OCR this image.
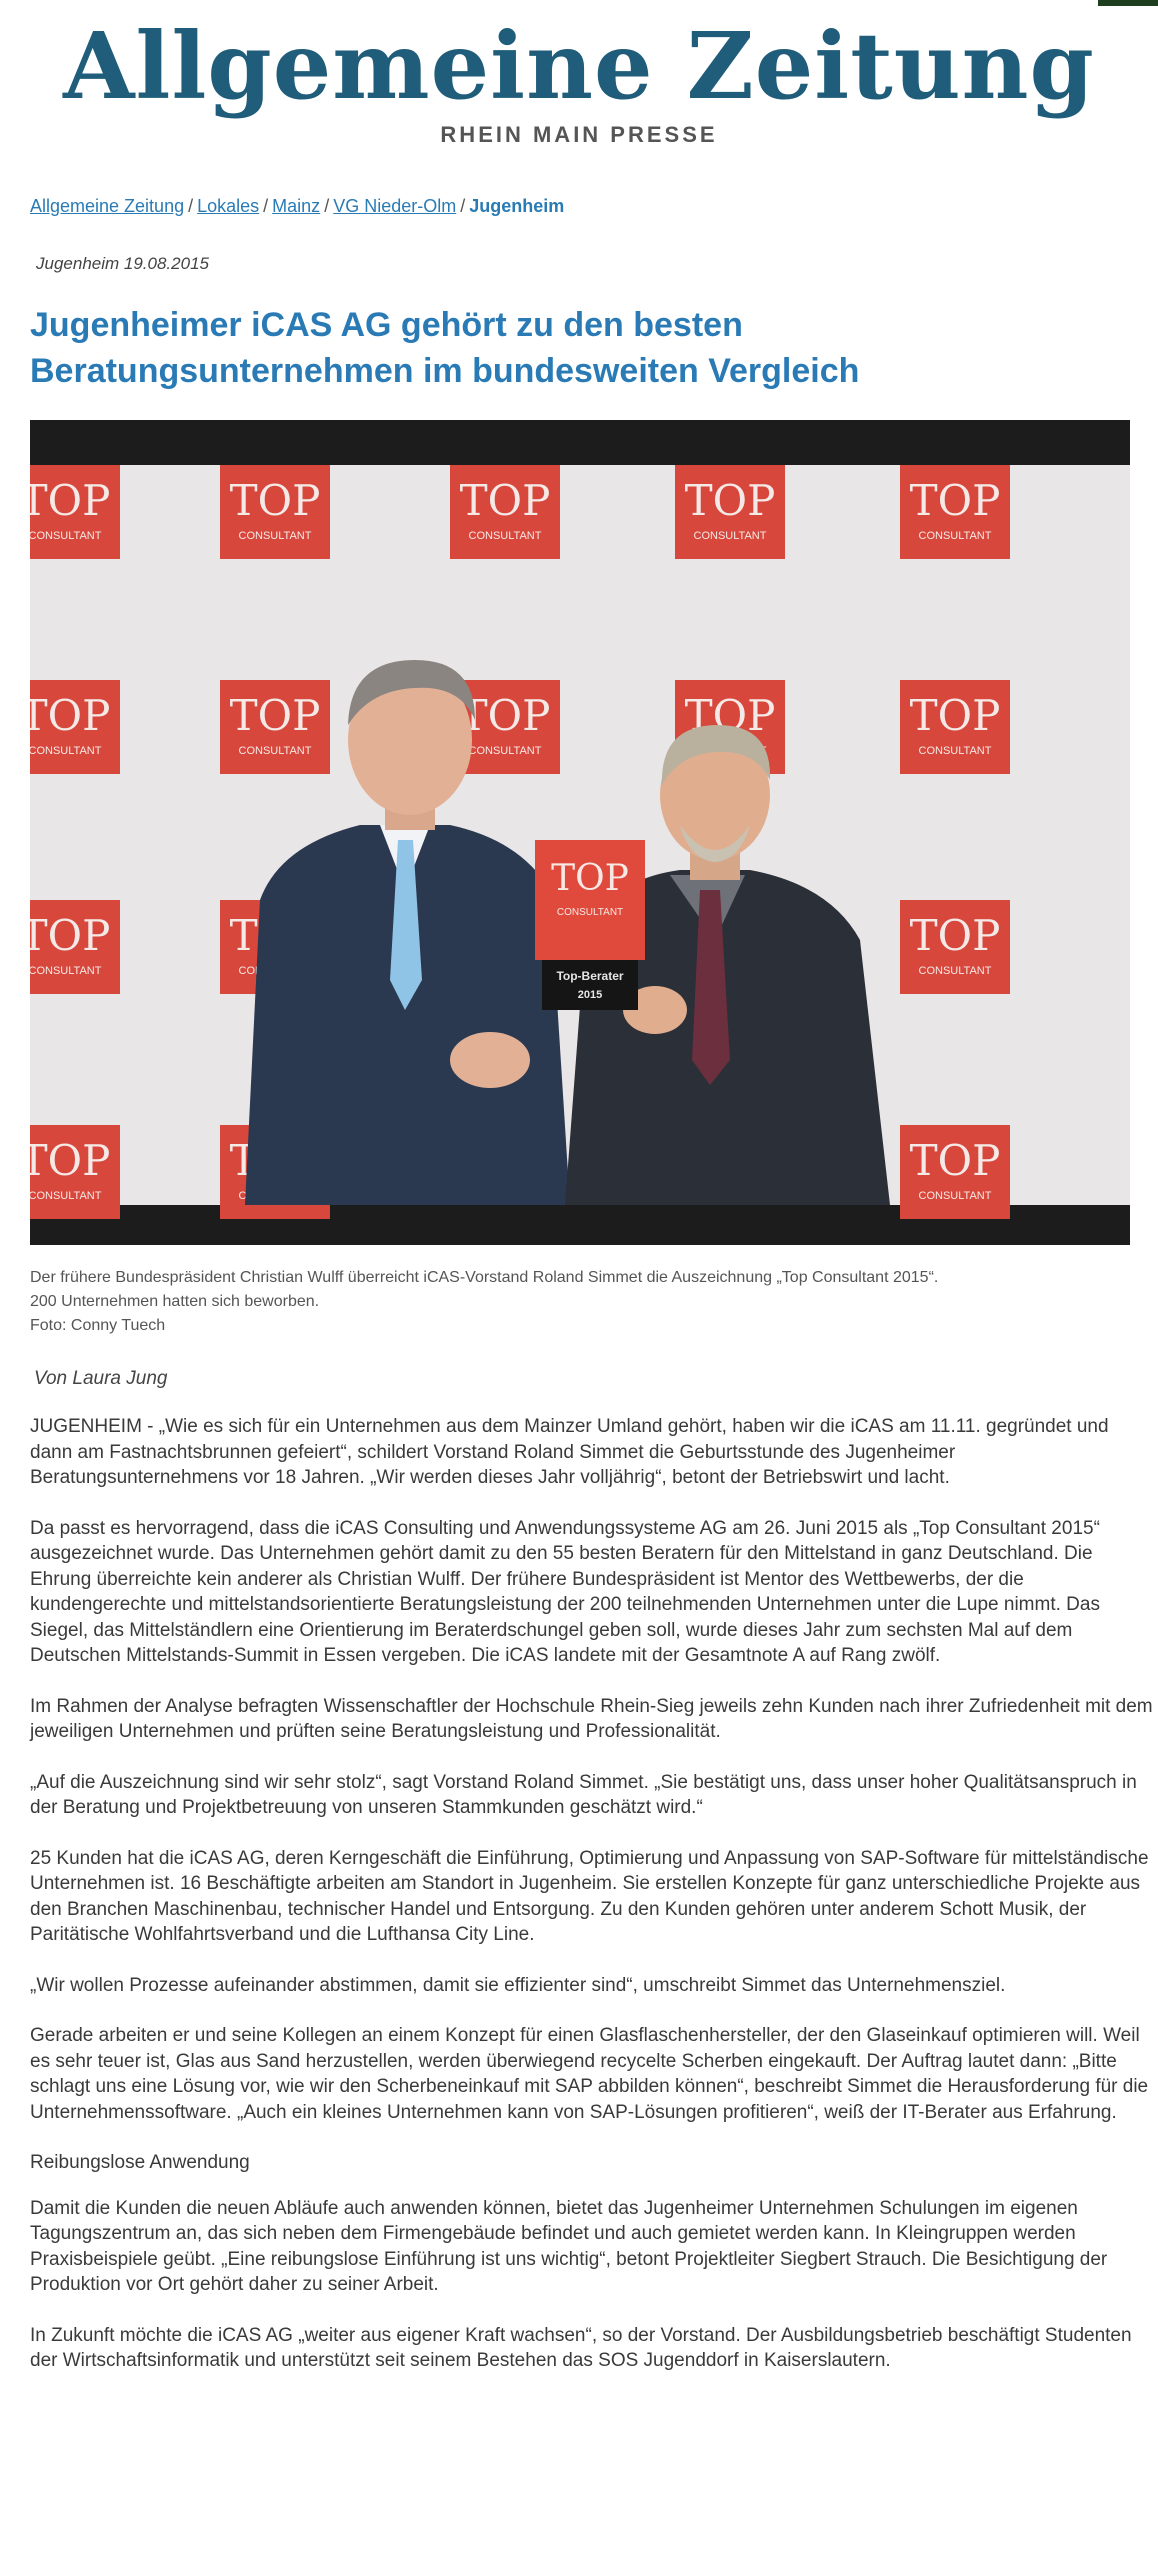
Allgemeine Zeitung
RHEIN MAIN PRESSE
Allgemeine Zeitung / Lokales / Mainz / VG Nieder-Olm / Jugenheim
Jugenheim 19.08.2015
Jugenheimer iCAS AG gehört zu den besten Beratungsunternehmen im bundesweiten Vergleich
TOP
CONSULTANT
Top-Berater
2015
Der frühere Bundespräsident Christian Wulff überreicht iCAS-Vorstand Roland Simmet die Auszeichnung „Top Consultant 2015“.
200 Unternehmen hatten sich beworben.
Foto: Conny Tuech
Von Laura Jung

JUGENHEIM - „Wie es sich für ein Unternehmen aus dem Mainzer Umland gehört, haben wir die iCAS am 11.11. gegründet und dann am Fastnachtsbrunnen gefeiert“, schildert Vorstand Roland Simmet die Geburtsstunde des Jugenheimer Beratungsunternehmens vor 18 Jahren. „Wir werden dieses Jahr volljährig“, betont der Betriebswirt und lacht.

Da passt es hervorragend, dass die iCAS Consulting und Anwendungssysteme AG am 26. Juni 2015 als „Top Consultant 2015“ ausgezeichnet wurde. Das Unternehmen gehört damit zu den 55 besten Beratern für den Mittelstand in ganz Deutschland. Die Ehrung überreichte kein anderer als Christian Wulff. Der frühere Bundespräsident ist Mentor des Wettbewerbs, der die kundengerechte und mittelstandsorientierte Beratungsleistung der 200 teilnehmenden Unternehmen unter die Lupe nimmt. Das Siegel, das Mittelständlern eine Orientierung im Beraterdschungel geben soll, wurde dieses Jahr zum sechsten Mal auf dem Deutschen Mittelstands-Summit in Essen vergeben. Die iCAS landete mit der Gesamtnote A auf Rang zwölf.

Im Rahmen der Analyse befragten Wissenschaftler der Hochschule Rhein-Sieg jeweils zehn Kunden nach ihrer Zufriedenheit mit dem jeweiligen Unternehmen und prüften seine Beratungsleistung und Professionalität.

„Auf die Auszeichnung sind wir sehr stolz“, sagt Vorstand Roland Simmet. „Sie bestätigt uns, dass unser hoher Qualitätsanspruch in der Beratung und Projektbetreuung von unseren Stammkunden geschätzt wird.“

25 Kunden hat die iCAS AG, deren Kerngeschäft die Einführung, Optimierung und Anpassung von SAP-Software für mittelständische Unternehmen ist. 16 Beschäftigte arbeiten am Standort in Jugenheim. Sie erstellen Konzepte für ganz unterschiedliche Projekte aus den Branchen Maschinenbau, technischer Handel und Entsorgung. Zu den Kunden gehören unter anderem Schott Musik, der Paritätische Wohlfahrtsverband und die Lufthansa City Line.

„Wir wollen Prozesse aufeinander abstimmen, damit sie effizienter sind“, umschreibt Simmet das Unternehmensziel.

Gerade arbeiten er und seine Kollegen an einem Konzept für einen Glasflaschenhersteller, der den Glaseinkauf optimieren will. Weil es sehr teuer ist, Glas aus Sand herzustellen, werden überwiegend recycelte Scherben eingekauft. Der Auftrag lautet dann: „Bitte schlagt uns eine Lösung vor, wie wir den Scherbeneinkauf mit SAP abbilden können“, beschreibt Simmet die Herausforderung für die Unternehmenssoftware. „Auch ein kleines Unternehmen kann von SAP-Lösungen profitieren“, weiß der IT-Berater aus Erfahrung.

Reibungslose Anwendung

Damit die Kunden die neuen Abläufe auch anwenden können, bietet das Jugenheimer Unternehmen Schulungen im eigenen Tagungszentrum an, das sich neben dem Firmengebäude befindet und auch gemietet werden kann. In Kleingruppen werden Praxisbeispiele geübt. „Eine reibungslose Einführung ist uns wichtig“, betont Projektleiter Siegbert Strauch. Die Besichtigung der Produktion vor Ort gehört daher zu seiner Arbeit.

In Zukunft möchte die iCAS AG „weiter aus eigener Kraft wachsen“, so der Vorstand. Der Ausbildungsbetrieb beschäftigt Studenten der Wirtschaftsinformatik und unterstützt seit seinem Bestehen das SOS Jugenddorf in Kaiserslautern.
